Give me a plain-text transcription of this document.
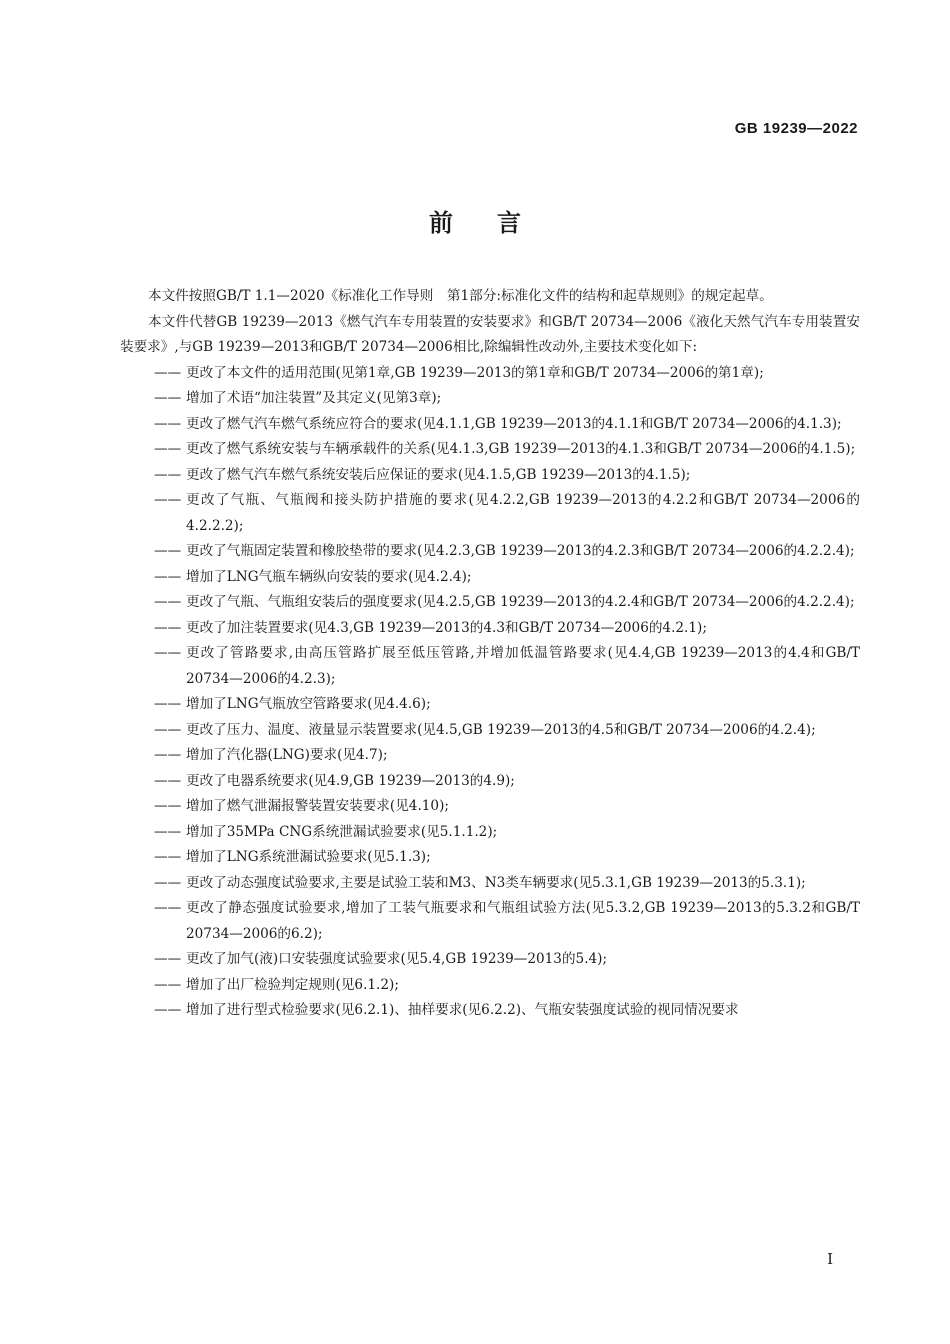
GB 19239—2022
前言

本文件按照GB/T 1.1—2020《标准化工作导则　第1部分:标准化文件的结构和起草规则》的规定起草。

本文件代替GB 19239—2013《燃气汽车专用装置的安装要求》和GB/T 20734—2006《液化天然气汽车专用装置安装要求》,与GB 19239—2013和GB/T 20734—2006相比,除编辑性改动外,主要技术变化如下:

—— 更改了本文件的适用范围(见第1章,GB 19239—2013的第1章和GB/T 20734—2006的第1章);

—— 增加了术语“加注装置”及其定义(见第3章);

—— 更改了燃气汽车燃气系统应符合的要求(见4.1.1,GB 19239—2013的4.1.1和GB/T 20734—2006的4.1.3);

—— 更改了燃气系统安装与车辆承载件的关系(见4.1.3,GB 19239—2013的4.1.3和GB/T 20734—2006的4.1.5);

—— 更改了燃气汽车燃气系统安装后应保证的要求(见4.1.5,GB 19239—2013的4.1.5);

—— 更改了气瓶、气瓶阀和接头防护措施的要求(见4.2.2,GB 19239—2013的4.2.2和GB/T 20734—2006的4.2.2.2);

—— 更改了气瓶固定装置和橡胶垫带的要求(见4.2.3,GB 19239—2013的4.2.3和GB/T 20734—2006的4.2.2.4);

—— 增加了LNG气瓶车辆纵向安装的要求(见4.2.4);

—— 更改了气瓶、气瓶组安装后的强度要求(见4.2.5,GB 19239—2013的4.2.4和GB/T 20734—2006的4.2.2.4);

—— 更改了加注装置要求(见4.3,GB 19239—2013的4.3和GB/T 20734—2006的4.2.1);

—— 更改了管路要求,由高压管路扩展至低压管路,并增加低温管路要求(见4.4,GB 19239—2013的4.4和GB/T 20734—2006的4.2.3);

—— 增加了LNG气瓶放空管路要求(见4.4.6);

—— 更改了压力、温度、液量显示装置要求(见4.5,GB 19239—2013的4.5和GB/T 20734—2006的4.2.4);

—— 增加了汽化器(LNG)要求(见4.7);

—— 更改了电器系统要求(见4.9,GB 19239—2013的4.9);

—— 增加了燃气泄漏报警装置安装要求(见4.10);

—— 增加了35MPa CNG系统泄漏试验要求(见5.1.1.2);

—— 增加了LNG系统泄漏试验要求(见5.1.3);

—— 更改了动态强度试验要求,主要是试验工装和M3、N3类车辆要求(见5.3.1,GB 19239—2013的5.3.1);

—— 更改了静态强度试验要求,增加了工装气瓶要求和气瓶组试验方法(见5.3.2,GB 19239—2013的5.3.2和GB/T 20734—2006的6.2);

—— 更改了加气(液)口安装强度试验要求(见5.4,GB 19239—2013的5.4);

—— 增加了出厂检验判定规则(见6.1.2);

—— 增加了进行型式检验要求(见6.2.1)、抽样要求(见6.2.2)、气瓶安装强度试验的视同情况要求

I
